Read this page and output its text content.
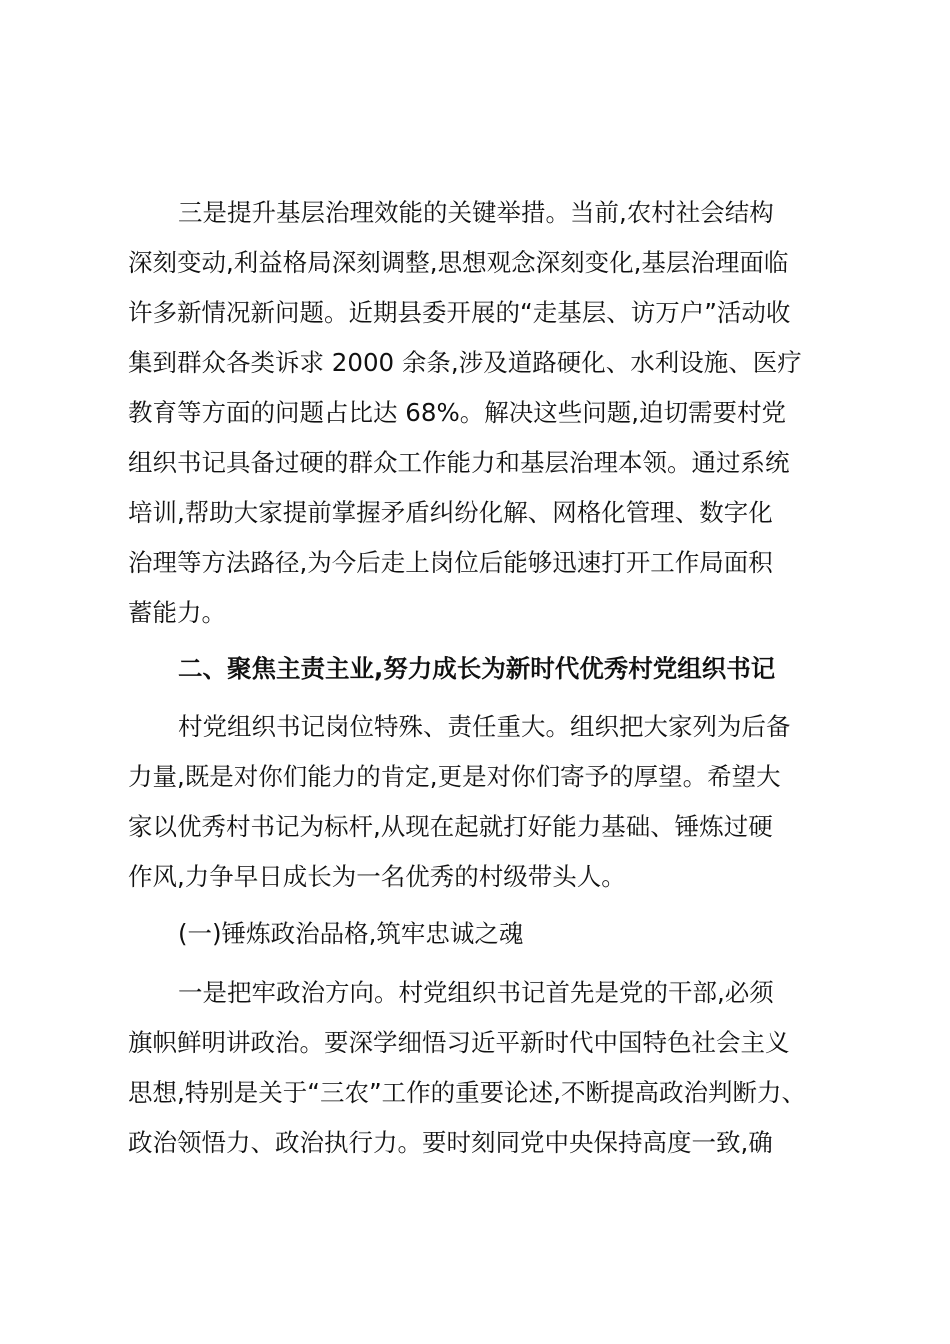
三是提升基层治理效能的关键举措。当前,农村社会结构
深刻变动,利益格局深刻调整,思想观念深刻变化,基层治理面临
许多新情况新问题。近期县委开展的“走基层、访万户”活动收
集到群众各类诉求 2000 余条,涉及道路硬化、水利设施、医疗
教育等方面的问题占比达 68%。解决这些问题,迫切需要村党
组织书记具备过硬的群众工作能力和基层治理本领。通过系统
培训,帮助大家提前掌握矛盾纠纷化解、网格化管理、数字化
治理等方法路径,为今后走上岗位后能够迅速打开工作局面积
蓄能力。
二、聚焦主责主业,努力成长为新时代优秀村党组织书记
村党组织书记岗位特殊、责任重大。组织把大家列为后备
力量,既是对你们能力的肯定,更是对你们寄予的厚望。希望大
家以优秀村书记为标杆,从现在起就打好能力基础、锤炼过硬
作风,力争早日成长为一名优秀的村级带头人。
(一)锤炼政治品格,筑牢忠诚之魂
一是把牢政治方向。村党组织书记首先是党的干部,必须
旗帜鲜明讲政治。要深学细悟习近平新时代中国特色社会主义
思想,特别是关于“三农”工作的重要论述,不断提高政治判断力、
政治领悟力、政治执行力。要时刻同党中央保持高度一致,确
